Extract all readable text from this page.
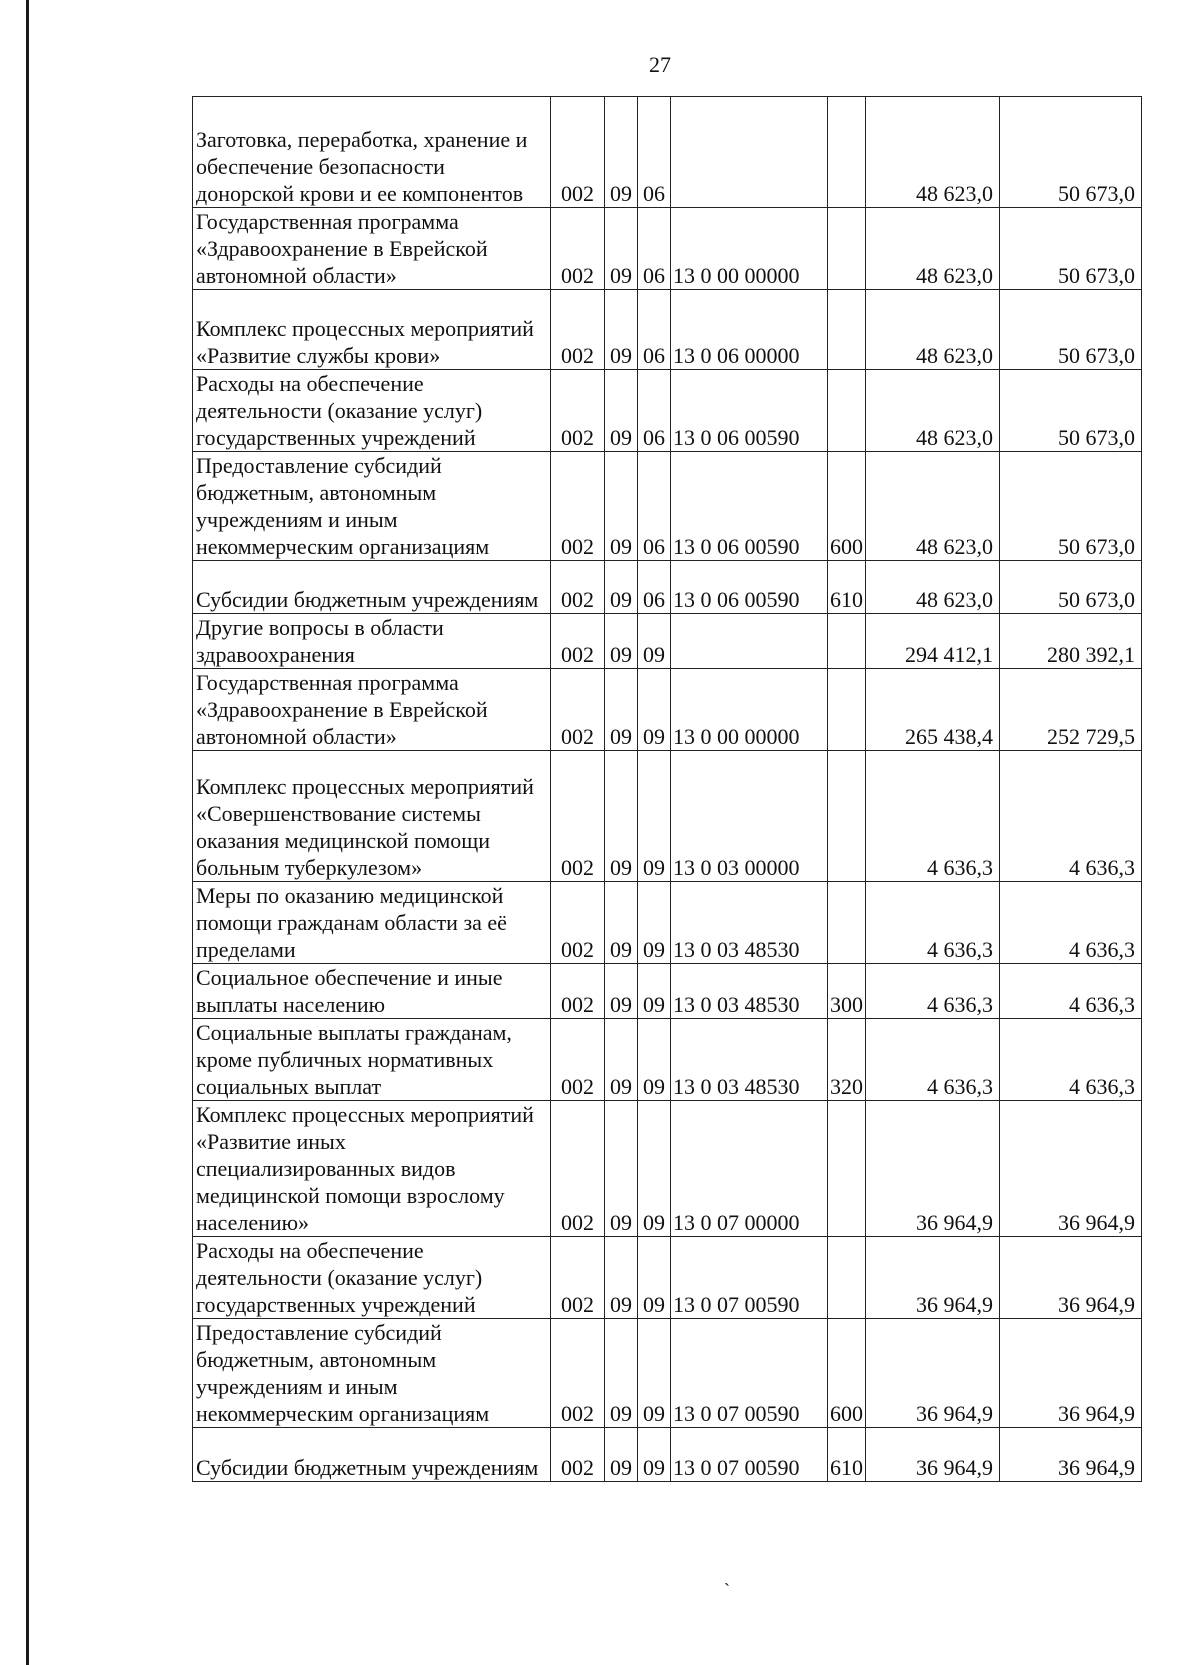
27
Заготовка, переработка, хранение и обеспечение безопасности донорской крови и ее компонентов	002	09	06			48 623,0	50 673,0
Государственная программа «Здравоохранение в Еврейской автономной области»	002	09	06	13 0 00 00000		48 623,0	50 673,0
Комплекс процессных мероприятий «Развитие службы крови»	002	09	06	13 0 06 00000		48 623,0	50 673,0
Расходы на обеспечение деятельности (оказание услуг) государственных учреждений	002	09	06	13 0 06 00590		48 623,0	50 673,0
Предоставление субсидий бюджетным, автономным учреждениям и иным некоммерческим организациям	002	09	06	13 0 06 00590	600	48 623,0	50 673,0
Субсидии бюджетным учреждениям	002	09	06	13 0 06 00590	610	48 623,0	50 673,0
Другие вопросы в области здравоохранения	002	09	09			294 412,1	280 392,1
Государственная программа «Здравоохранение в Еврейской автономной области»	002	09	09	13 0 00 00000		265 438,4	252 729,5
Комплекс процессных мероприятий «Совершенствование системы оказания медицинской помощи больным туберкулезом»	002	09	09	13 0 03 00000		4 636,3	4 636,3
Меры по оказанию медицинской помощи гражданам области за её пределами	002	09	09	13 0 03 48530		4 636,3	4 636,3
Социальное обеспечение и иные выплаты населению	002	09	09	13 0 03 48530	300	4 636,3	4 636,3
Социальные выплаты гражданам, кроме публичных нормативных социальных выплат	002	09	09	13 0 03 48530	320	4 636,3	4 636,3
Комплекс процессных мероприятий «Развитие иных специализированных видов медицинской помощи взрослому населению»	002	09	09	13 0 07 00000		36 964,9	36 964,9
Расходы на обеспечение деятельности (оказание услуг) государственных учреждений	002	09	09	13 0 07 00590		36 964,9	36 964,9
Предоставление субсидий бюджетным, автономным учреждениям и иным некоммерческим организациям	002	09	09	13 0 07 00590	600	36 964,9	36 964,9
Субсидии бюджетным учреждениям	002	09	09	13 0 07 00590	610	36 964,9	36 964,9
ˏ
